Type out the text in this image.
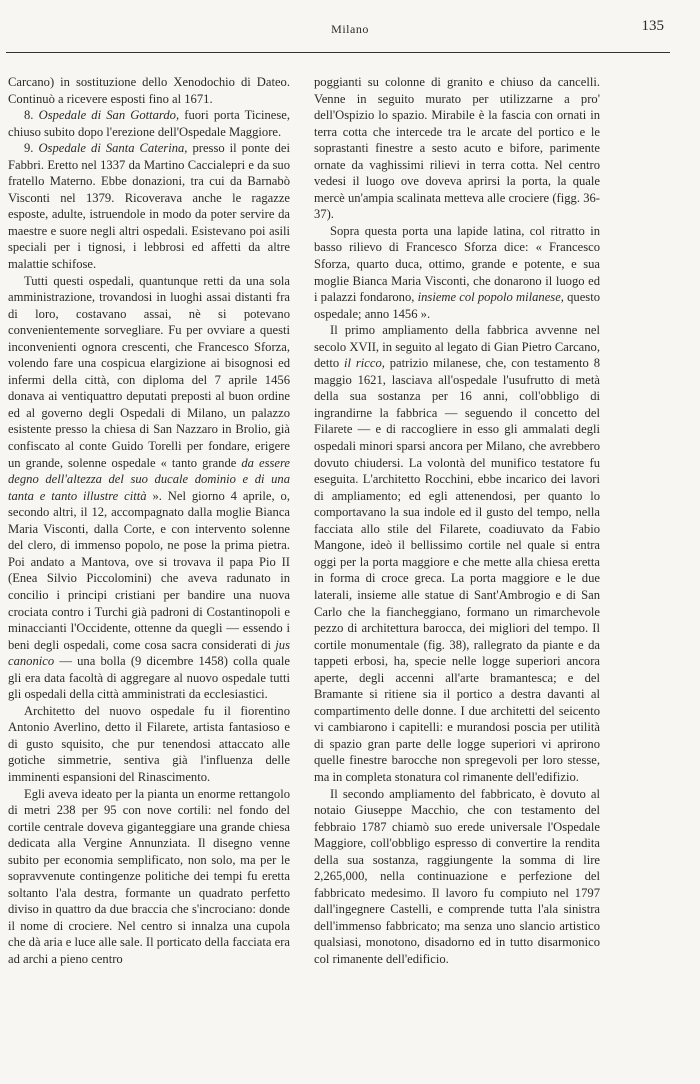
Milano	135

Carcano) in sostituzione dello Xenodochio di Dateo. Continuò a ricevere esposti fino al 1671.

8. Ospedale di San Gottardo, fuori porta Ticinese, chiuso subito dopo l'erezione dell'Ospedale Maggiore.

9. Ospedale di Santa Caterina, presso il ponte dei Fabbri. Eretto nel 1337 da Martino Caccialepri e da suo fratello Materno. Ebbe donazioni, tra cui da Barnabò Visconti nel 1379. Ricoverava anche le ragazze esposte, adulte, istruendole in modo da poter servire da maestre e suore negli altri ospedali. Esistevano poi asili speciali per i tignosi, i lebbrosi ed affetti da altre malattie schifose.

Tutti questi ospedali, quantunque retti da una sola amministrazione, trovandosi in luoghi assai distanti fra di loro, costavano assai, nè si potevano convenientemente sorvegliare. Fu per ovviare a questi inconvenienti ognora crescenti, che Francesco Sforza, volendo fare una cospicua elargizione ai bisognosi ed infermi della città, con diploma del 7 aprile 1456 donava ai ventiquattro deputati preposti al buon ordine ed al governo degli Ospedali di Milano, un palazzo esistente presso la chiesa di San Nazzaro in Brolio, già confiscato al conte Guido Torelli per fondare, erigere un grande, solenne ospedale « tanto grande da essere degno dell'altezza del suo ducale dominio e di una tanta e tanto illustre città ». Nel giorno 4 aprile, o, secondo altri, il 12, accompagnato dalla moglie Bianca Maria Visconti, dalla Corte, e con intervento solenne del clero, di immenso popolo, ne pose la prima pietra. Poi andato a Mantova, ove si trovava il papa Pio II (Enea Silvio Piccolomini) che aveva radunato in concilio i principi cristiani per bandire una nuova crociata contro i Turchi già padroni di Costantinopoli e minaccianti l'Occidente, ottenne da quegli — essendo i beni degli ospedali, come cosa sacra considerati di jus canonico — una bolla (9 dicembre 1458) colla quale gli era data facoltà di aggregare al nuovo ospedale tutti gli ospedali della città amministrati da ecclesiastici.

Architetto del nuovo ospedale fu il fiorentino Antonio Averlino, detto il Filarete, artista fantasioso e di gusto squisito, che pur tenendosi attaccato alle gotiche simmetrie, sentiva già l'influenza delle imminenti espansioni del Rinascimento.

Egli aveva ideato per la pianta un enorme rettangolo di metri 238 per 95 con nove cortili: nel fondo del cortile centrale doveva giganteggiare una grande chiesa dedicata alla Vergine Annunziata. Il disegno venne subito per economia semplificato, non solo, ma per le sopravvenute contingenze politiche dei tempi fu eretta soltanto l'ala destra, formante un quadrato perfetto diviso in quattro da due braccia che s'incrociano: donde il nome di crociere. Nel centro si innalza una cupola che dà aria e luce alle sale. Il porticato della facciata era ad archi a pieno centro

poggianti su colonne di granito e chiuso da cancelli. Venne in seguito murato per utilizzarne a pro' dell'Ospizio lo spazio. Mirabile è la fascia con ornati in terra cotta che intercede tra le arcate del portico e le soprastanti finestre a sesto acuto e bifore, parimente ornate da vaghissimi rilievi in terra cotta. Nel centro vedesi il luogo ove doveva aprirsi la porta, la quale mercè un'ampia scalinata metteva alle crociere (figg. 36-37).

Sopra questa porta una lapide latina, col ritratto in basso rilievo di Francesco Sforza dice: « Francesco Sforza, quarto duca, ottimo, grande e potente, e sua moglie Bianca Maria Visconti, che donarono il luogo ed i palazzi fondarono, insieme col popolo milanese, questo ospedale; anno 1456 ».

Il primo ampliamento della fabbrica avvenne nel secolo XVII, in seguito al legato di Gian Pietro Carcano, detto il ricco, patrizio milanese, che, con testamento 8 maggio 1621, lasciava all'ospedale l'usufrutto di metà della sua sostanza per 16 anni, coll'obbligo di ingrandirne la fabbrica — seguendo il concetto del Filarete — e di raccogliere in esso gli ammalati degli ospedali minori sparsi ancora per Milano, che avrebbero dovuto chiudersi. La volontà del munifico testatore fu eseguita. L'architetto Rocchini, ebbe incarico dei lavori di ampliamento; ed egli attenendosi, per quanto lo comportavano la sua indole ed il gusto del tempo, nella facciata allo stile del Filarete, coadiuvato da Fabio Mangone, ideò il bellissimo cortile nel quale si entra oggi per la porta maggiore e che mette alla chiesa eretta in forma di croce greca. La porta maggiore e le due laterali, insieme alle statue di Sant'Ambrogio e di San Carlo che la fiancheggiano, formano un rimarchevole pezzo di architettura barocca, dei migliori del tempo. Il cortile monumentale (fig. 38), rallegrato da piante e da tappeti erbosi, ha, specie nelle logge superiori ancora aperte, degli accenni all'arte bramantesca; e del Bramante si ritiene sia il portico a destra davanti al compartimento delle donne. I due architetti del seicento vi cambiarono i capitelli: e murandosi poscia per utilità di spazio gran parte delle logge superiori vi aprirono quelle finestre barocche non spregevoli per loro stesse, ma in completa stonatura col rimanente dell'edifizio.

Il secondo ampliamento del fabbricato, è dovuto al notaio Giuseppe Macchio, che con testamento del febbraio 1787 chiamò suo erede universale l'Ospedale Maggiore, coll'obbligo espresso di convertire la rendita della sua sostanza, raggiungente la somma di lire 2,265,000, nella continuazione e perfezione del fabbricato medesimo. Il lavoro fu compiuto nel 1797 dall'ingegnere Castelli, e comprende tutta l'ala sinistra dell'immenso fabbricato; ma senza uno slancio artistico qualsiasi, monotono, disadorno ed in tutto disarmonico col rimanente dell'edificio.
